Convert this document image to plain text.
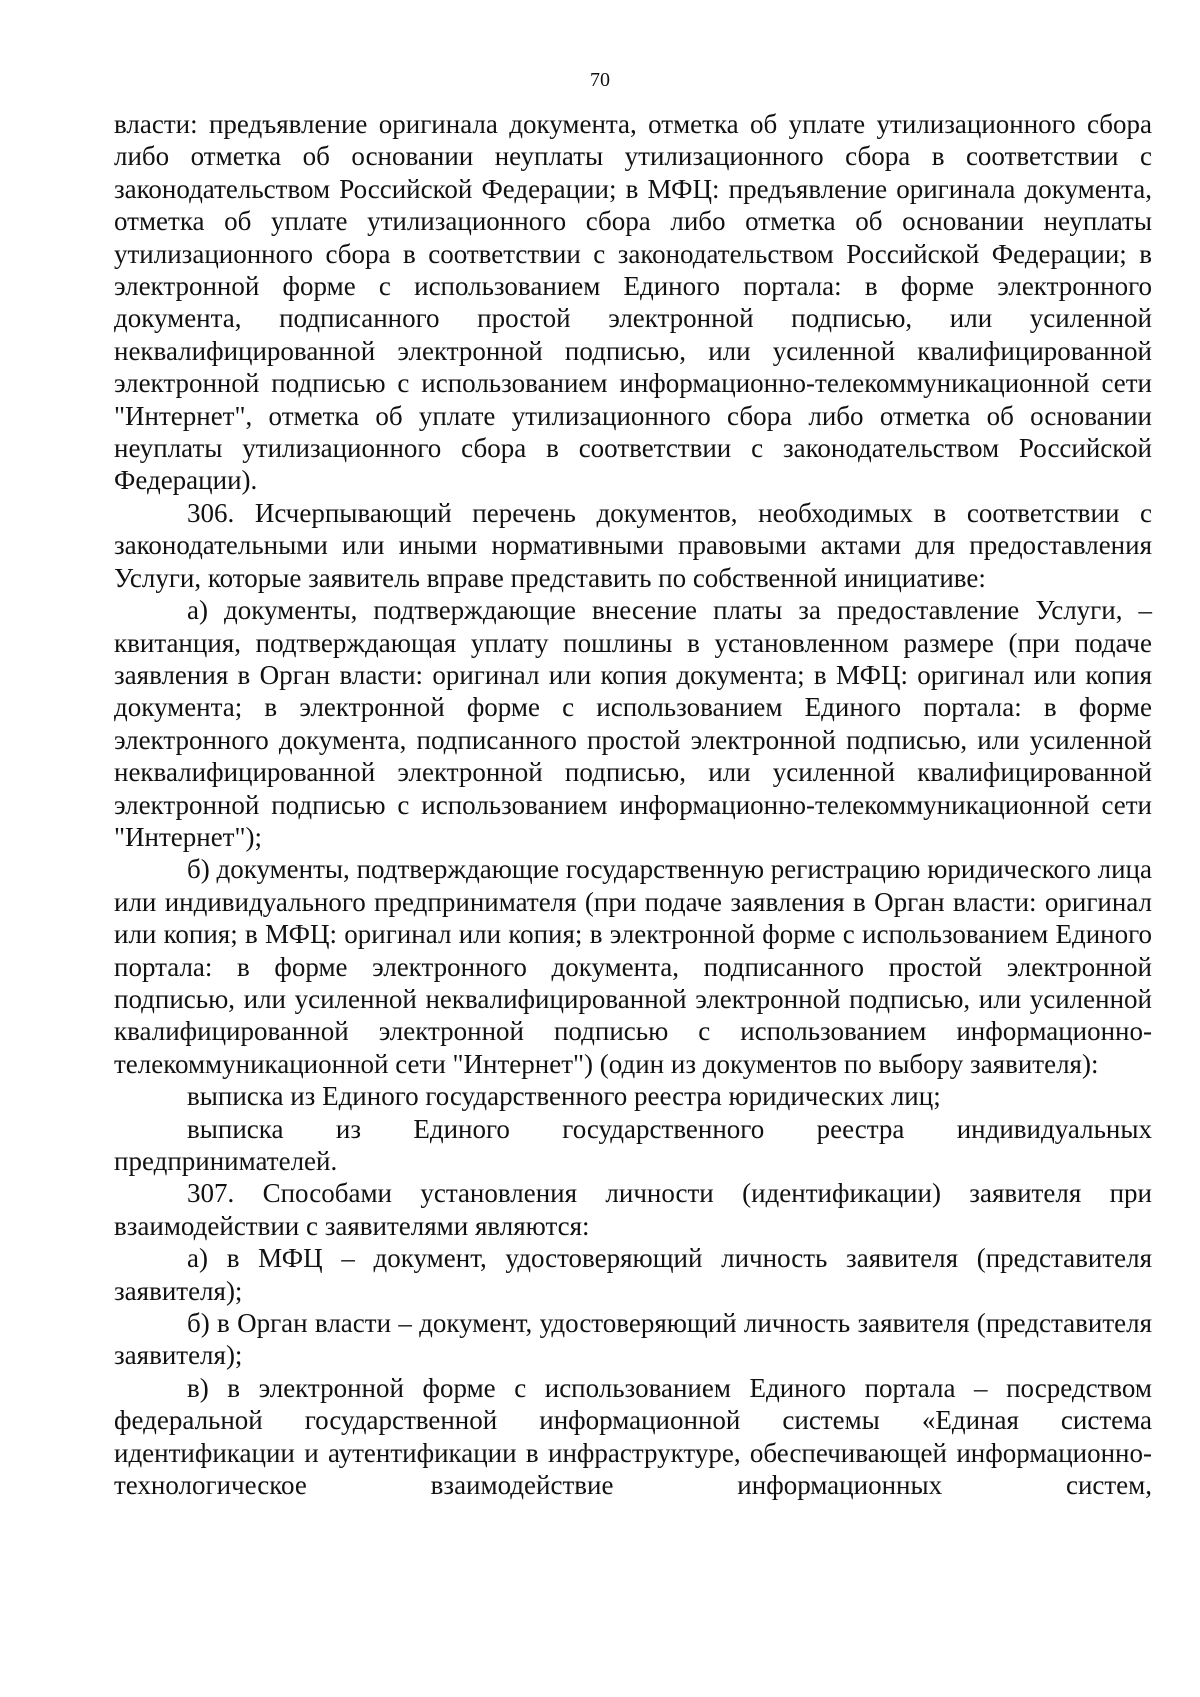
70

власти: предъявление оригинала документа, отметка об уплате утилизационного сбора либо отметка об основании неуплаты утилизационного сбора в соответствии с законодательством Российской Федерации; в МФЦ: предъявление оригинала документа, отметка об уплате утилизационного сбора либо отметка об основании неуплаты утилизационного сбора в соответствии с законодательством Российской Федерации; в электронной форме с использованием Единого портала: в форме электронного документа, подписанного простой электронной подписью, или усиленной неквалифицированной электронной подписью, или усиленной квалифицированной электронной подписью с использованием информационно-телекоммуникационной сети "Интернет", отметка об уплате утилизационного сбора либо отметка об основании неуплаты утилизационного сбора в соответствии с законодательством Российской Федерации).

306. Исчерпывающий перечень документов, необходимых в соответствии с законодательными или иными нормативными правовыми актами для предоставления Услуги, которые заявитель вправе представить по собственной инициативе:

а) документы, подтверждающие внесение платы за предоставление Услуги, – квитанция, подтверждающая уплату пошлины в установленном размере (при подаче заявления в Орган власти: оригинал или копия документа; в МФЦ: оригинал или копия документа; в электронной форме с использованием Единого портала: в форме электронного документа, подписанного простой электронной подписью, или усиленной неквалифицированной электронной подписью, или усиленной квалифицированной электронной подписью с использованием информационно-телекоммуникационной сети "Интернет");

б) документы, подтверждающие государственную регистрацию юридического лица или индивидуального предпринимателя (при подаче заявления в Орган власти: оригинал или копия; в МФЦ: оригинал или копия; в электронной форме с использованием Единого портала: в форме электронного документа, подписанного простой электронной подписью, или усиленной неквалифицированной электронной подписью, или усиленной квалифицированной электронной подписью с использованием информационно-телекоммуникационной сети "Интернет") (один из документов по выбору заявителя):

выписка из Единого государственного реестра юридических лиц;

выписка из Единого государственного реестра индивидуальных предпринимателей.

307. Способами установления личности (идентификации) заявителя при взаимодействии с заявителями являются:

а) в МФЦ – документ, удостоверяющий личность заявителя (представителя заявителя);

б) в Орган власти – документ, удостоверяющий личность заявителя (представителя заявителя);

в) в электронной форме с использованием Единого портала – посредством федеральной государственной информационной системы «Единая система идентификации и аутентификации в инфраструктуре, обеспечивающей информационно-технологическое взаимодействие информационных систем,
